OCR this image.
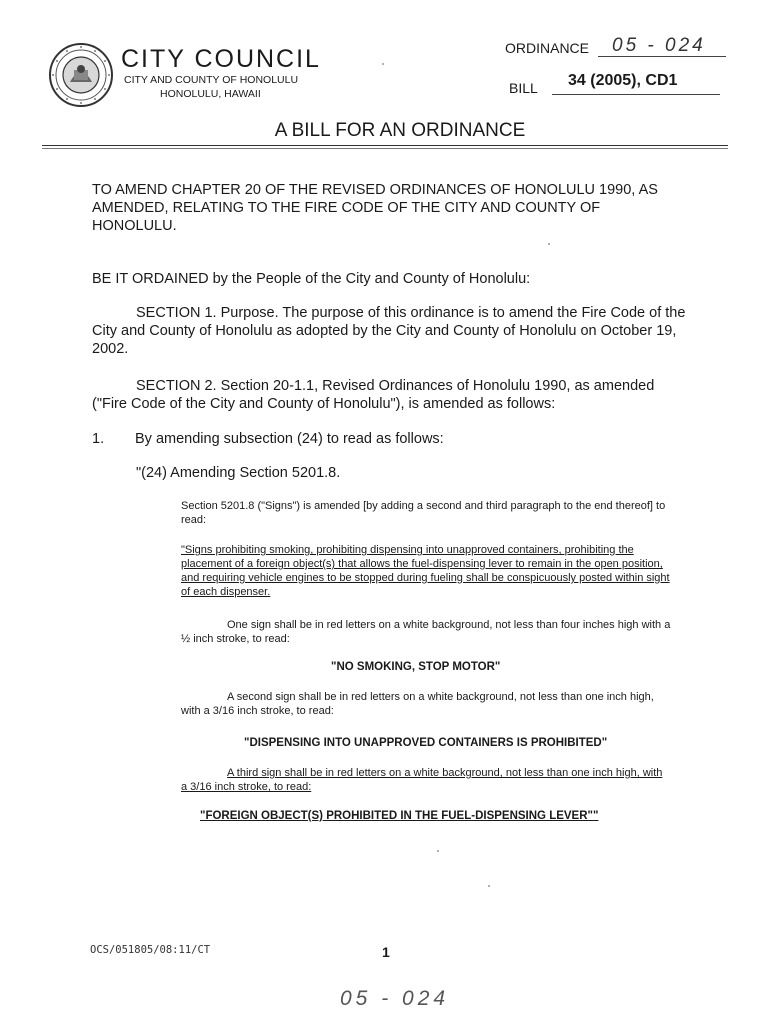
CITY COUNCIL
CITY AND COUNTY OF HONOLULU
HONOLULU, HAWAII
ORDINANCE 05 - 024
BILL 34 (2005), CD1
A BILL FOR AN ORDINANCE
TO AMEND CHAPTER 20 OF THE REVISED ORDINANCES OF HONOLULU 1990, AS AMENDED, RELATING TO THE FIRE CODE OF THE CITY AND COUNTY OF HONOLULU.
BE IT ORDAINED by the People of the City and County of Honolulu:
SECTION 1. Purpose. The purpose of this ordinance is to amend the Fire Code of the City and County of Honolulu as adopted by the City and County of Honolulu on October 19, 2002.
SECTION 2. Section 20-1.1, Revised Ordinances of Honolulu 1990, as amended ("Fire Code of the City and County of Honolulu"), is amended as follows:
1. By amending subsection (24) to read as follows:
"(24) Amending Section 5201.8.
Section 5201.8 ("Signs") is amended [by adding a second and third paragraph to the end thereof] to read:
"Signs prohibiting smoking, prohibiting dispensing into unapproved containers, prohibiting the placement of a foreign object(s) that allows the fuel-dispensing lever to remain in the open position, and requiring vehicle engines to be stopped during fueling shall be conspicuously posted within sight of each dispenser.
One sign shall be in red letters on a white background, not less than four inches high with a ½ inch stroke, to read:
"NO SMOKING, STOP MOTOR"
A second sign shall be in red letters on a white background, not less than one inch high, with a 3/16 inch stroke, to read:
"DISPENSING INTO UNAPPROVED CONTAINERS IS PROHIBITED"
A third sign shall be in red letters on a white background, not less than one inch high, with a 3/16 inch stroke, to read:
"FOREIGN OBJECT(S) PROHIBITED IN THE FUEL-DISPENSING LEVER""
OCS/051805/08:11/CT	1
05 - 024
